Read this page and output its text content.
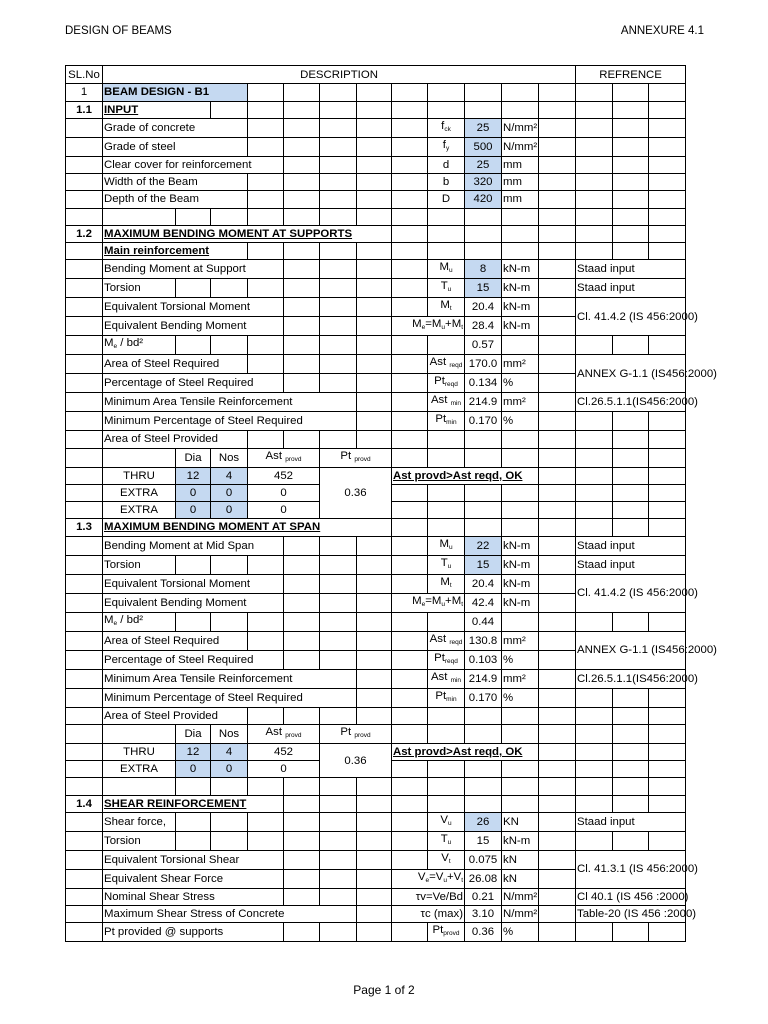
DESIGN OF BEAMS	ANNEXURE 4.1
SL.No	DESCRIPTION												REFRENCE		
1	BEAM DESIGN - B1														
1.1	INPUT														
	Grade of concrete								$f_{ck}$	25	N/mm²				
	Grade of steel								$f_y$	500	N/mm²				
	Clear cover for reinforcement								d	25	mm				
	Width of the Beam								b	320	mm				
	Depth of the Beam								D	420	mm				

1.2	MAXIMUM BENDING MOMENT AT SUPPORTS														
	Main reinforcement														
	Bending Moment at Support								$M_u$	8	kN-m		Staad input		
	Torsion								$T_u$	15	kN-m		Staad input		
	Equivalent Torsional Moment								$M_t$	20.4	kN-m		Cl. 41.4.2 (IS 456:2000)		
	Equivalent Bending Moment							$M_e=M_u+M_t$		28.4	kN-m				
	$M_e / bd^2$									0.57					
	Area of Steel Required								Ast $_{reqd}$	170.0	mm²		ANNEX G-1.1 (IS456:2000)		
	Percentage of Steel Required								$Pt_{reqd}$	0.134	%				
	Minimum Area Tensile Reinforcement								Ast $_{min}$	214.9	mm²		Cl.26.5.1.1(IS456:2000)		
	Minimum Percentage of Steel Required								$Pt_{min}$	0.170	%				
	Area of Steel Provided														
		Dia	Nos	Ast $_{provd}$		Pt $_{provd}$								
	THRU	12	4	452		0.36		Ast provd>Ast reqd, OK							
	EXTRA	0	0	0											
	EXTRA	0	0	0											
1.3	MAXIMUM BENDING MOMENT AT SPAN														
	Bending Moment at Mid Span								$M_u$	22	kN-m		Staad input		
	Torsion								$T_u$	15	kN-m		Staad input		
	Equivalent Torsional Moment								$M_t$	20.4	kN-m		Cl. 41.4.2 (IS 456:2000)		
	Equivalent Bending Moment							$M_e=M_u+M_t$		42.4	kN-m				
	$M_e / bd^2$									0.44					
	Area of Steel Required								Ast $_{reqd}$	130.8	mm²		ANNEX G-1.1 (IS456:2000)		
	Percentage of Steel Required								$Pt_{reqd}$	0.103	%				
	Minimum Area Tensile Reinforcement								Ast $_{min}$	214.9	mm²		Cl.26.5.1.1(IS456:2000)		
	Minimum Percentage of Steel Required								$Pt_{min}$	0.170	%				
	Area of Steel Provided														
		Dia	Nos	Ast $_{provd}$		Pt $_{provd}$								
	THRU	12	4	452		0.36		Ast provd>Ast reqd, OK							
	EXTRA	0	0	0											

1.4	SHEAR REINFORCEMENT														
	Shear force,								$V_u$	26	KN		Staad input		
	Torsion								$T_u$	15	kN-m				
	Equivalent Torsional Shear								$V_t$	0.075	kN		Cl. 41.3.1 (IS 456:2000)		
	Equivalent Shear Force							$V_e=V_u+V_t$		26.08	kN				
	Nominal Shear Stress							τv=Ve/Bd		0.21	N/mm²		Cl 40.1 (IS 456 :2000)		
	Maximum Shear Stress of Concrete							τc (max)		3.10	N/mm²		Table-20 (IS 456 :2000)		
	Pt provided @ supports								$Pt_{provd}$	0.36	%				
Page 1 of 2
